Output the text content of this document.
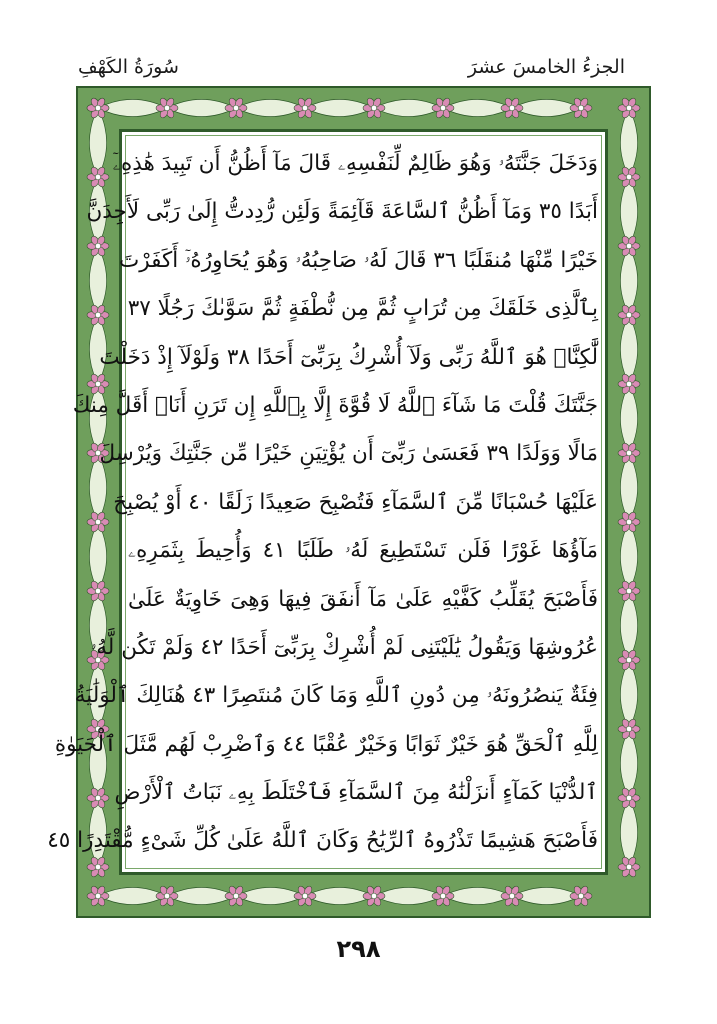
الجزءُ الخامسَ عشرَ
سُورَةُ الكَهْفِ
وَدَخَلَ جَنَّتَهُۥ وَهُوَ ظَالِمٌ لِّنَفْسِهِۦ قَالَ مَآ أَظُنُّ أَن تَبِيدَ هَٰذِهِۦٓ
أَبَدًا ٣٥ وَمَآ أَظُنُّ ٱلسَّاعَةَ قَآئِمَةً وَلَئِن رُّدِدتُّ إِلَىٰ رَبِّى لَأَجِدَنَّ
خَيْرًا مِّنْهَا مُنقَلَبًا ٣٦ قَالَ لَهُۥ صَاحِبُهُۥ وَهُوَ يُحَاوِرُهُۥٓ أَكَفَرْتَ
بِٱلَّذِى خَلَقَكَ مِن تُرَابٍ ثُمَّ مِن نُّطْفَةٍ ثُمَّ سَوَّىٰكَ رَجُلًا ٣٧
لَّٰكِنَّا۠ هُوَ ٱللَّهُ رَبِّى وَلَآ أُشْرِكُ بِرَبِّىٓ أَحَدًا ٣٨ وَلَوْلَآ إِذْ دَخَلْتَ
جَنَّتَكَ قُلْتَ مَا شَآءَ ٱللَّهُ لَا قُوَّةَ إِلَّا بِٱللَّهِ إِن تَرَنِ أَنَا۠ أَقَلَّ مِنكَ
مَالًا وَوَلَدًا ٣٩ فَعَسَىٰ رَبِّىٓ أَن يُؤْتِيَنِ خَيْرًا مِّن جَنَّتِكَ وَيُرْسِلَ
عَلَيْهَا حُسْبَانًا مِّنَ ٱلسَّمَآءِ فَتُصْبِحَ صَعِيدًا زَلَقًا ٤٠ أَوْ يُصْبِحَ
مَآؤُهَا غَوْرًا فَلَن تَسْتَطِيعَ لَهُۥ طَلَبًا ٤١ وَأُحِيطَ بِثَمَرِهِۦ
فَأَصْبَحَ يُقَلِّبُ كَفَّيْهِ عَلَىٰ مَآ أَنفَقَ فِيهَا وَهِىَ خَاوِيَةٌ عَلَىٰ
عُرُوشِهَا وَيَقُولُ يَٰلَيْتَنِى لَمْ أُشْرِكْ بِرَبِّىٓ أَحَدًا ٤٢ وَلَمْ تَكُن لَّهُۥ
فِئَةٌ يَنصُرُونَهُۥ مِن دُونِ ٱللَّهِ وَمَا كَانَ مُنتَصِرًا ٤٣ هُنَالِكَ ٱلْوَلَٰيَةُ
لِلَّهِ ٱلْحَقِّ هُوَ خَيْرٌ ثَوَابًا وَخَيْرٌ عُقْبًا ٤٤ وَٱضْرِبْ لَهُم مَّثَلَ ٱلْحَيَوٰةِ
ٱلدُّنْيَا كَمَآءٍ أَنزَلْنَٰهُ مِنَ ٱلسَّمَآءِ فَٱخْتَلَطَ بِهِۦ نَبَاتُ ٱلْأَرْضِ
فَأَصْبَحَ هَشِيمًا تَذْرُوهُ ٱلرِّيَٰحُ وَكَانَ ٱللَّهُ عَلَىٰ كُلِّ شَىْءٍ مُّقْتَدِرًا ٤٥
٢٩٨
